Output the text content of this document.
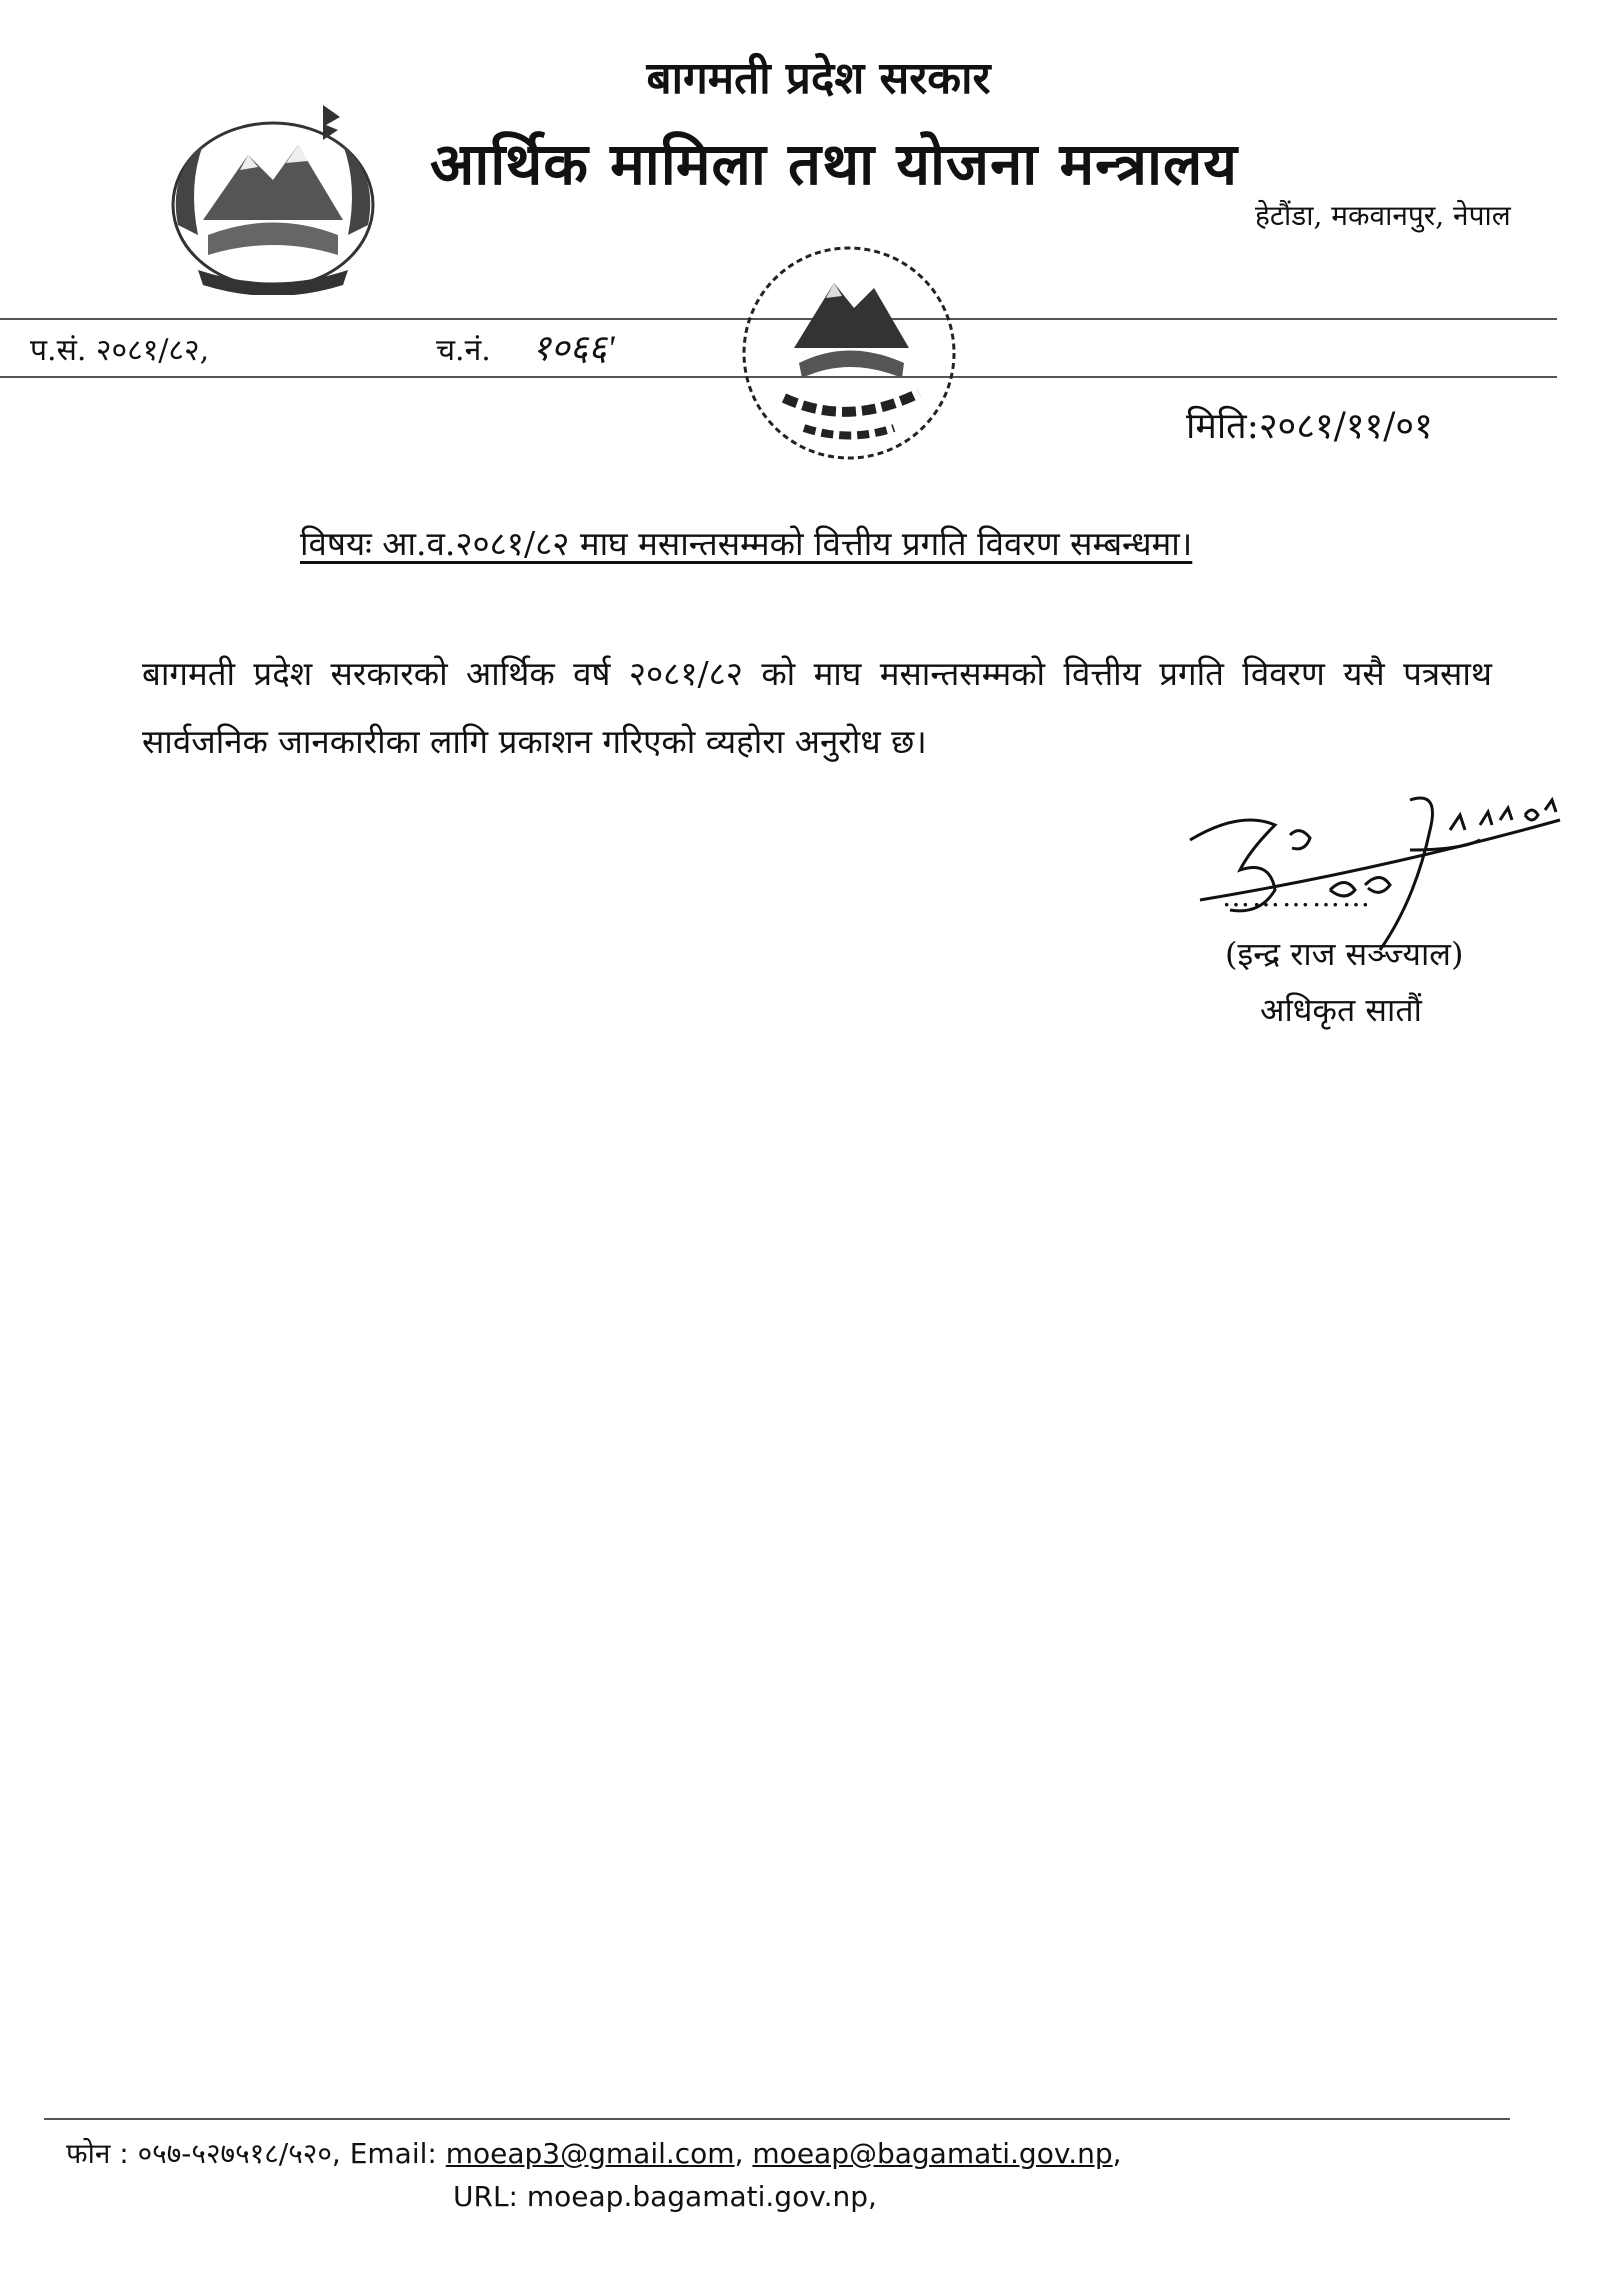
बागमती प्रदेश सरकार
आर्थिक मामिला तथा योजना मन्त्रालय
हेटौंडा, मकवानपुर, नेपाल
प.सं. २०८१/८२,	च.नं. १०६६'
मिति:२०८१/११/०१
विषयः आ.व.२०८१/८२ माघ मसान्तसम्मको वित्तीय प्रगति विवरण सम्बन्धमा।
बागमती प्रदेश सरकारको आर्थिक वर्ष २०८१/८२ को माघ मसान्तसम्मको वित्तीय प्रगति विवरण यसै पत्रसाथ सार्वजनिक जानकारीका लागि प्रकाशन गरिएको व्यहोरा अनुरोध छ।
……………
(इन्द्र राज सञ्ज्याल)
अधिकृत सातौं
फोन : ०५७-५२७५१८/५२०, Email: moeap3@gmail.com, moeap@bagamati.gov.np,
URL: moeap.bagamati.gov.np,
